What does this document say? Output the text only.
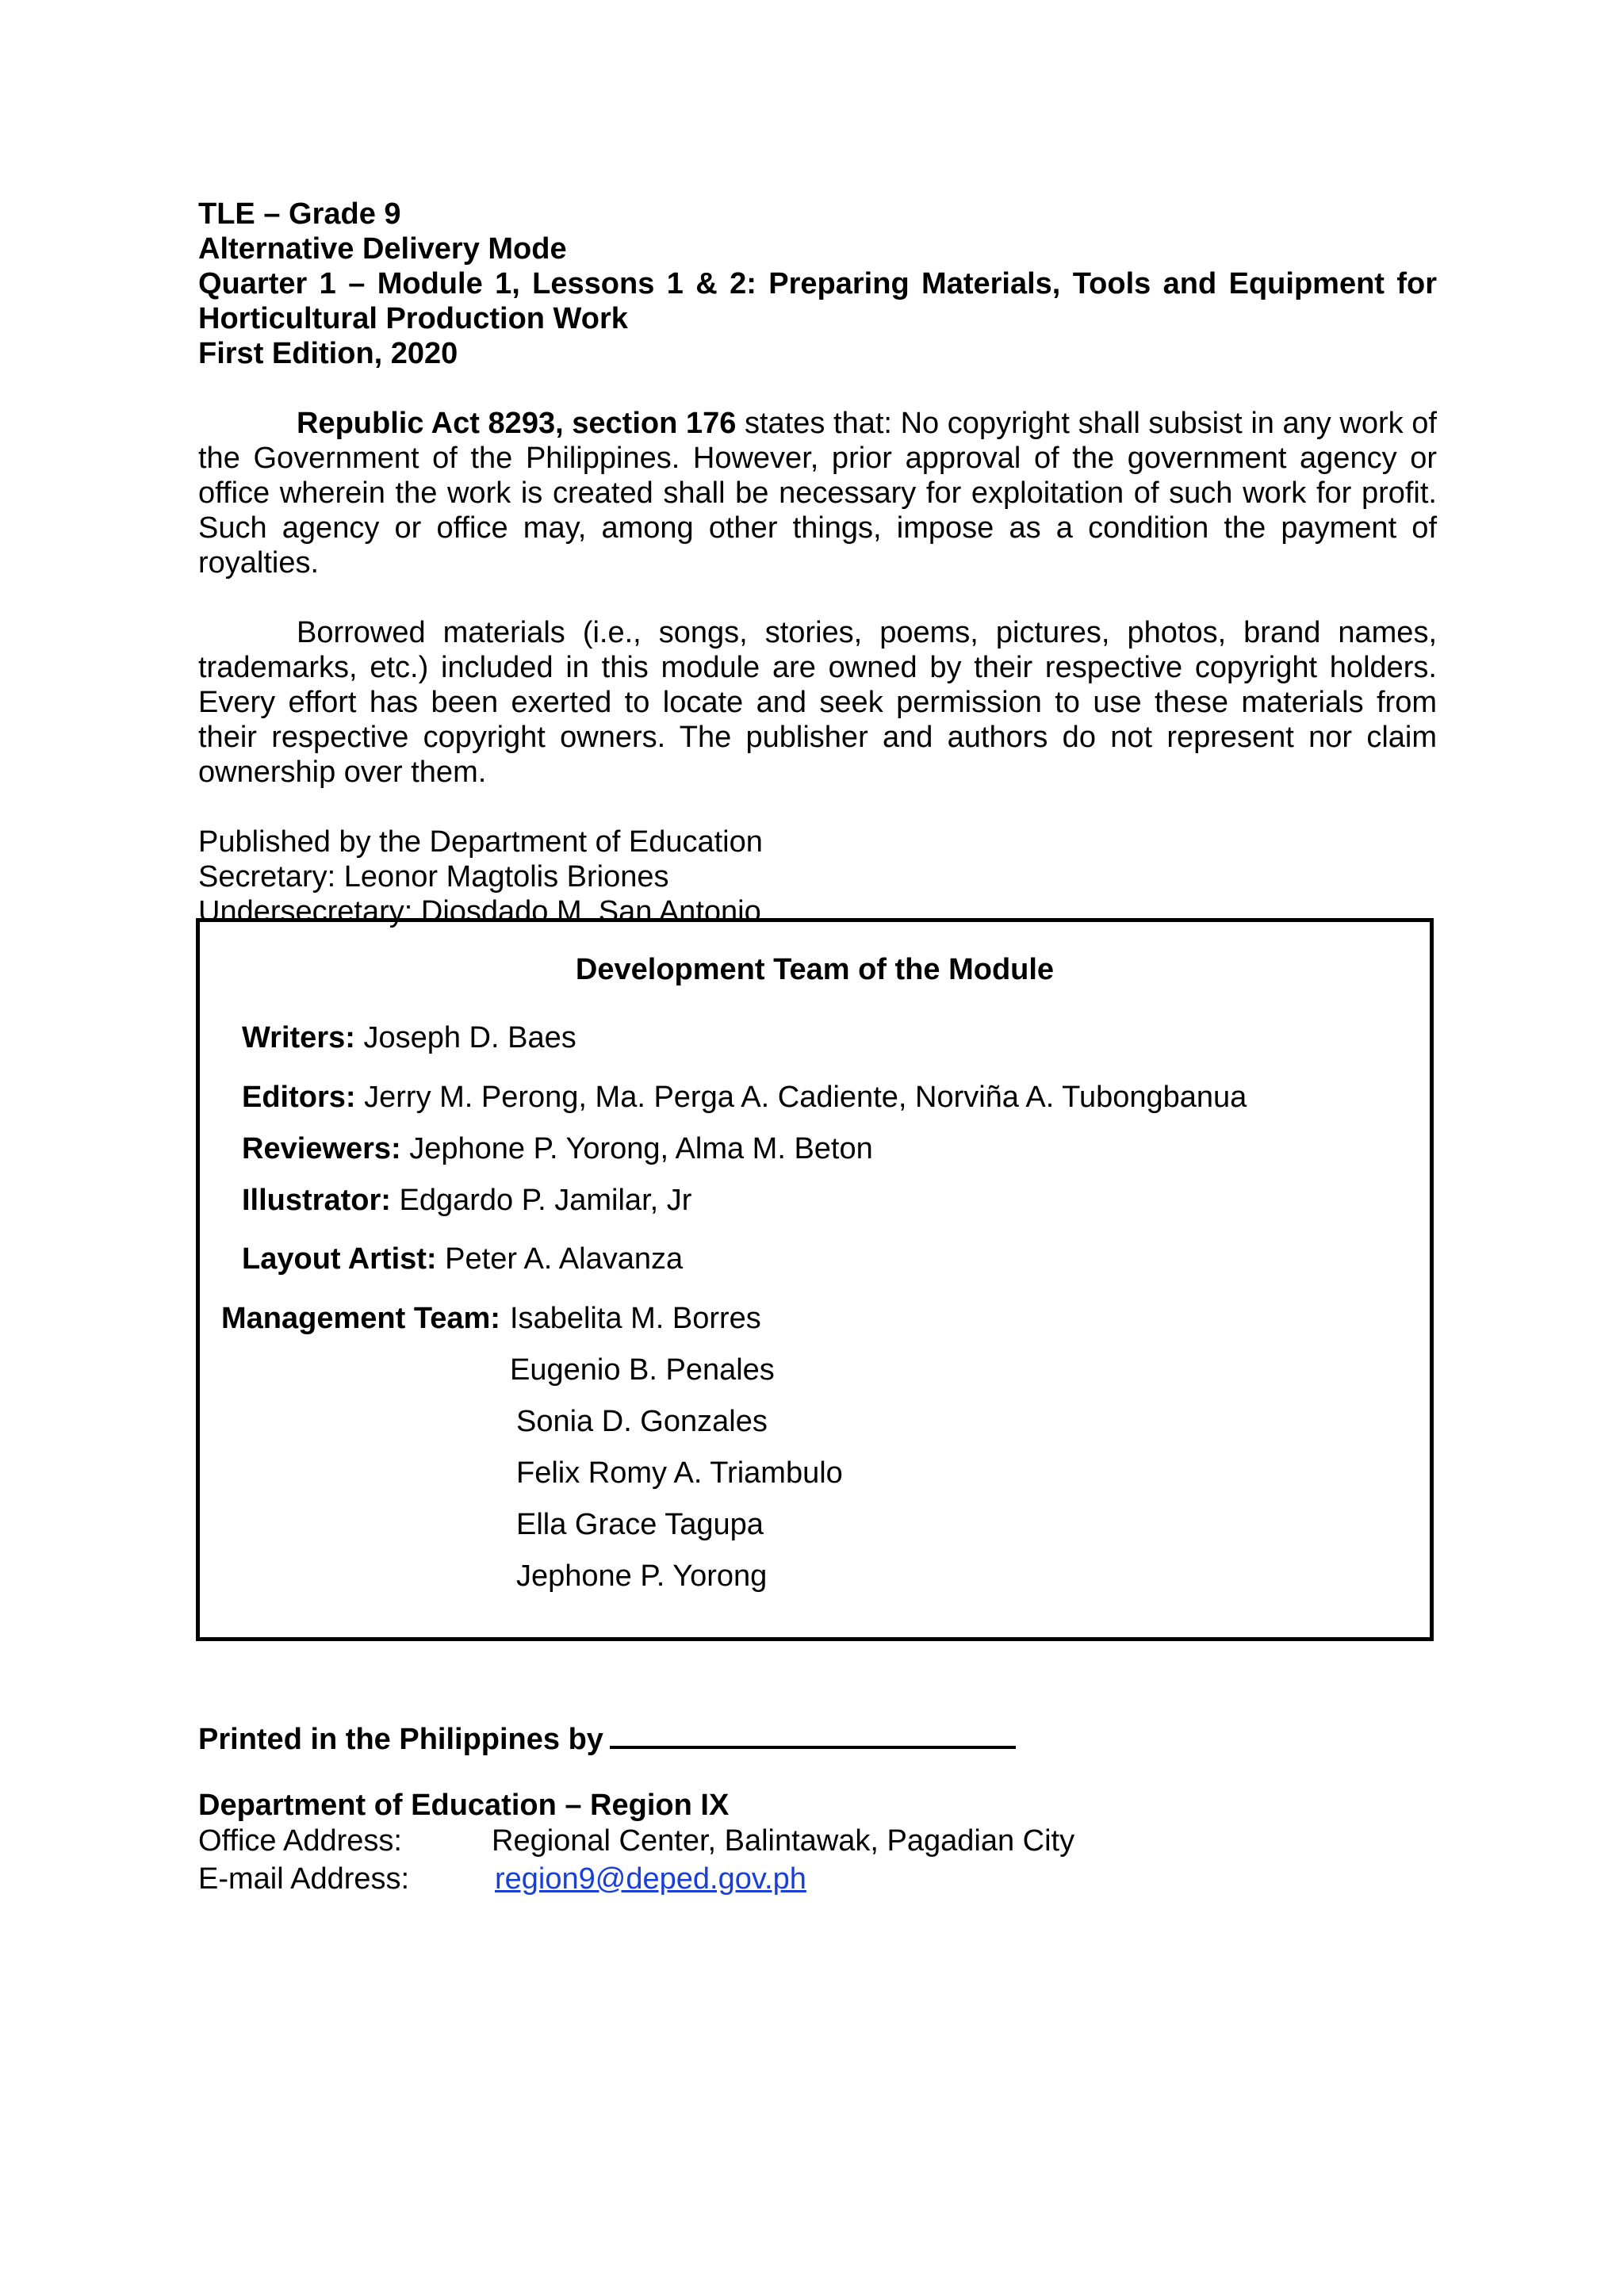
TLE – Grade 9
Alternative Delivery Mode
Quarter 1 – Module 1, Lessons 1 & 2: Preparing Materials, Tools and Equipment for Horticultural Production Work
First Edition, 2020
Republic Act 8293, section 176 states that: No copyright shall subsist in any work of the Government of the Philippines. However, prior approval of the government agency or office wherein the work is created shall be necessary for exploitation of such work for profit. Such agency or office may, among other things, impose as a condition the payment of royalties.
Borrowed materials (i.e., songs, stories, poems, pictures, photos, brand names, trademarks, etc.) included in this module are owned by their respective copyright holders. Every effort has been exerted to locate and seek permission to use these materials from their respective copyright owners. The publisher and authors do not represent nor claim ownership over them.
Published by the Department of Education
Secretary: Leonor Magtolis Briones
Undersecretary: Diosdado M. San Antonio
Development Team of the Module
Writers: Joseph D. Baes
Editors: Jerry M. Perong, Ma. Perga A. Cadiente, Norviña A. Tubongbanua
Reviewers: Jephone P. Yorong, Alma M. Beton
Illustrator: Edgardo P. Jamilar, Jr
Layout Artist: Peter A. Alavanza
Management Team: Isabelita M. Borres
Eugenio B. Penales
Sonia D. Gonzales
Felix Romy A. Triambulo
Ella Grace Tagupa
Jephone P. Yorong
Printed in the Philippines by
Department of Education – Region IX
Office Address:	Regional Center, Balintawak, Pagadian City
E-mail Address:	region9@deped.gov.ph
